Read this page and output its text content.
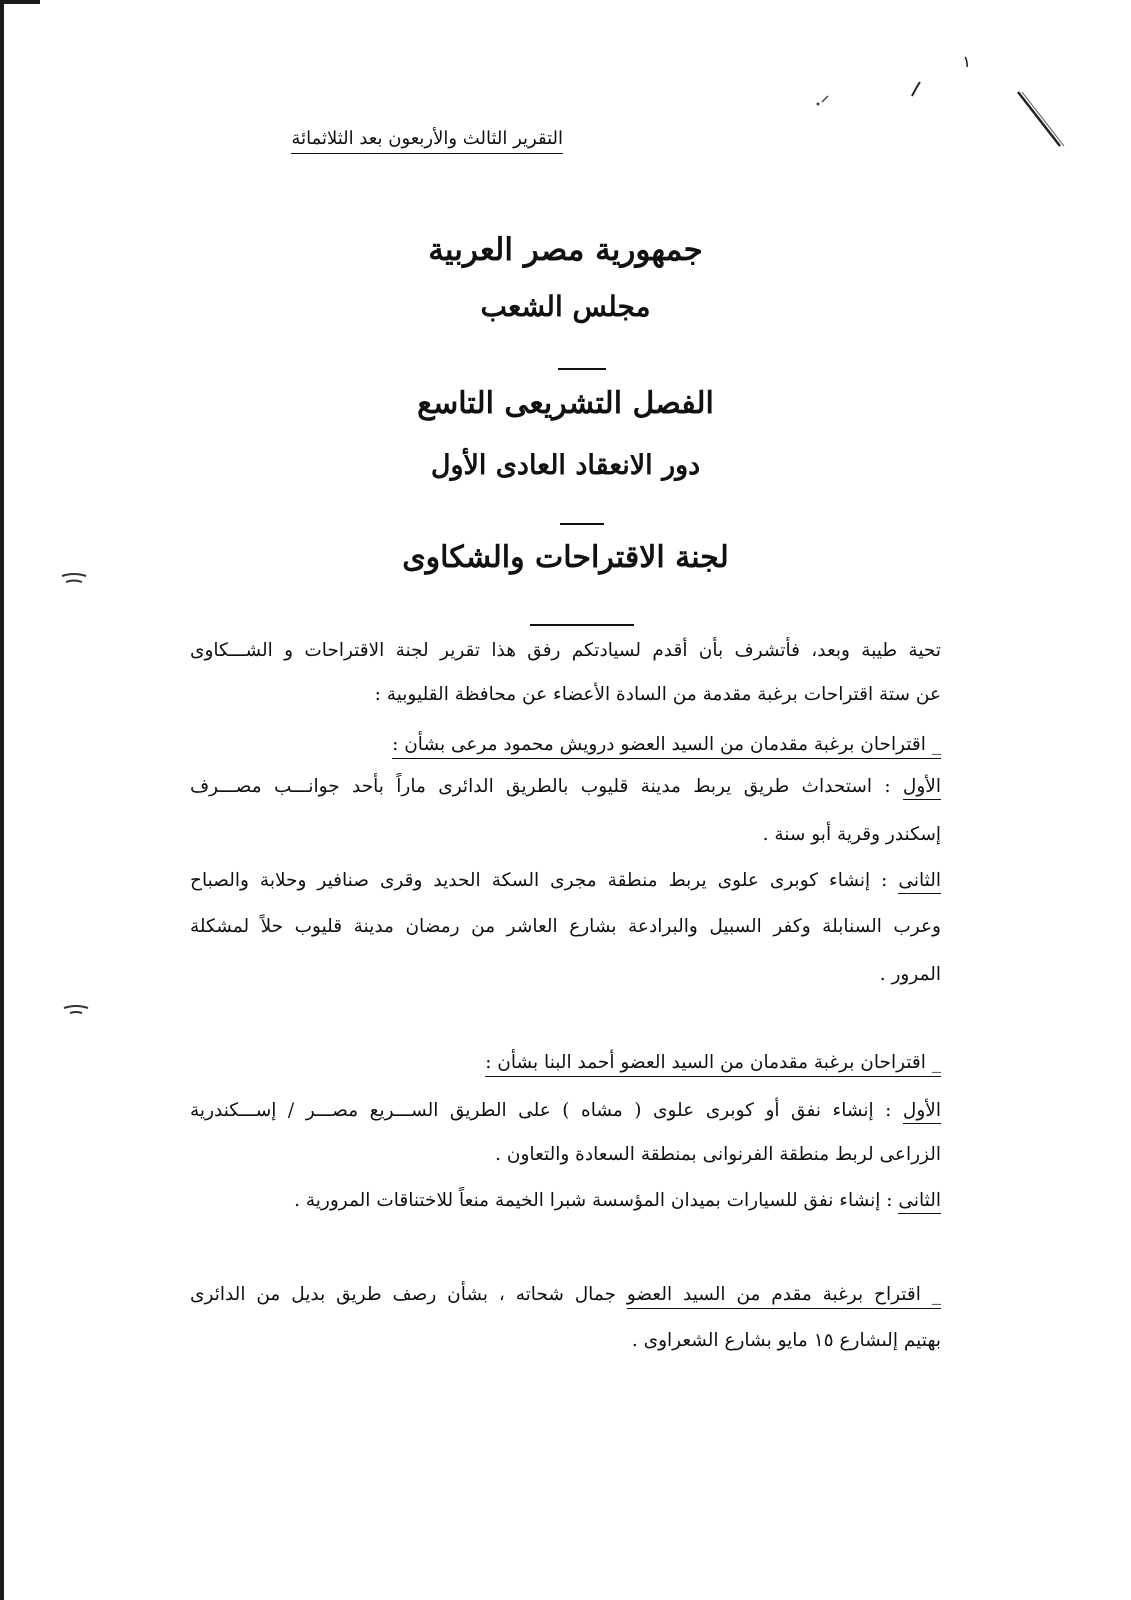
١
التقرير الثالث والأربعون بعد الثلاثمائة
جمهورية مصر العربية
مجلس الشعب
الفصل التشريعى التاسع
دور الانعقاد العادى الأول
لجنة الاقتراحات والشكاوى
تحية طيبة وبعد، فأتشرف بأن أقدم لسيادتكم رفق هذا تقرير لجنة الاقتراحات و الشـــكاوى
عن ستة اقتراحات برغبة مقدمة من السادة الأعضاء عن محافظة القليوبية :
_ اقتراحان برغبة مقدمان من السيد العضو درويش محمود مرعى بشأن :
الأول : استحداث طريق يربط مدينة قليوب بالطريق الدائرى ماراً بأحد جوانـــب مصـــرف
إسكندر وقرية أبو سنة .
الثانى : إنشاء كوبرى علوى يربط منطقة مجرى السكة الحديد وقرى صنافير وحلابة والصباح
وعرب السنابلة وكفر السبيل والبرادعة بشارع العاشر من رمضان مدينة قليوب حلاً لمشكلة
المرور .
_ اقتراحان برغبة مقدمان من السيد العضو أحمد البنا بشأن :
الأول : إنشاء نفق أو كوبرى علوى ( مشاه ) على الطريق الســـريع مصـــر / إســـكندرية
الزراعى لربط منطقة الفرنوانى بمنطقة السعادة والتعاون .
الثانى : إنشاء نفق للسيارات بميدان المؤسسة شبرا الخيمة منعاً للاختناقات المرورية .
_ اقتراح برغبة مقدم من السيد العضو جمال شحاته ، بشأن رصف طريق بديل من الدائرى
بهتيم إلىشارع ١٥ مايو بشارع الشعراوى .
